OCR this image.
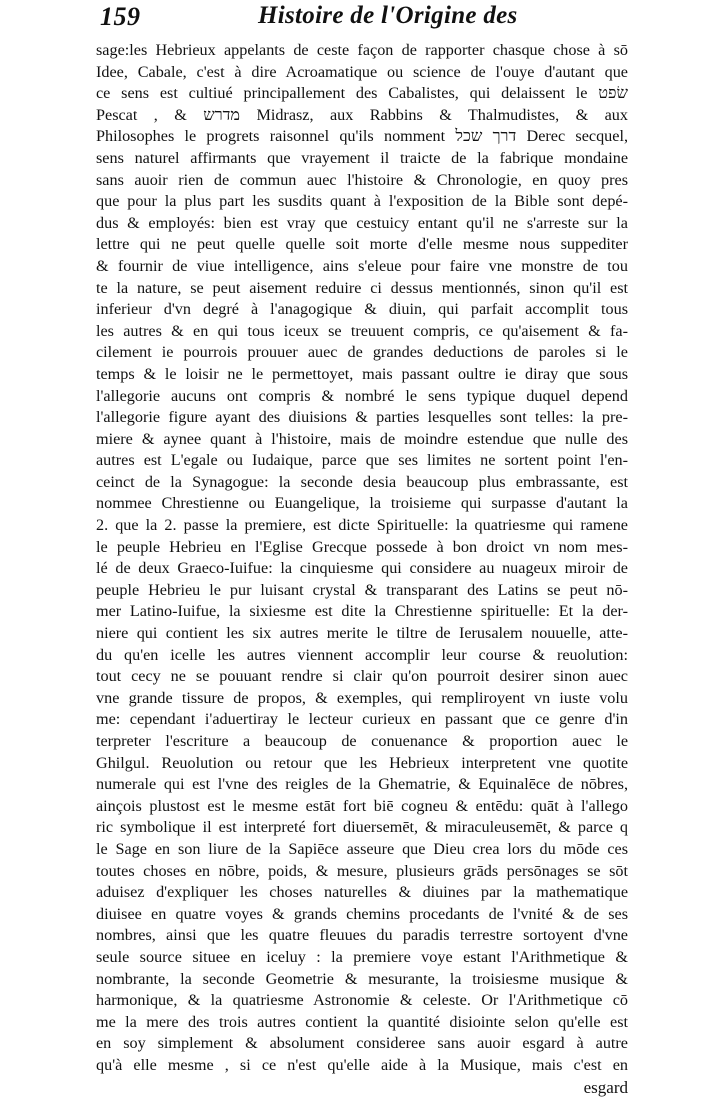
159	Histoire de l'Origine des
sage:les Hebrieux appelants de ceste façon de rapporter chasque chose à sō
Idee, Cabale, c'est à dire Acroamatique ou science de l'ouye d'autant que
ce sens est cultiué principallement des Cabalistes, qui delaissent le שׂפט
Pescat , & מדרש Midrasz, aux Rabbins & Thalmudistes, & aux
Philosophes le progrets raisonnel qu'ils nomment דרך שכל Derec secquel,
sens naturel affirmants que vrayement il traicte de la fabrique mondaine
sans auoir rien de commun auec l'histoire & Chronologie, en quoy pres
que pour la plus part les susdits quant à l'exposition de la Bible sont depé-
dus & employés: bien est vray que cestuicy entant qu'il ne s'arreste sur la
lettre qui ne peut quelle quelle soit morte d'elle mesme nous suppediter
& fournir de viue intelligence, ains s'eleue pour faire vne monstre de tou
te la nature, se peut aisement reduire ci dessus mentionnés, sinon qu'il est
inferieur d'vn degré à l'anagogique & diuin, qui parfait accomplit tous
les autres & en qui tous iceux se treuuent compris, ce qu'aisement & fa-
cilement ie pourrois prouuer auec de grandes deductions de paroles si le
temps & le loisir ne le permettoyet, mais passant oultre ie diray que sous
l'allegorie aucuns ont compris & nombré le sens typique duquel depend
l'allegorie figure ayant des diuisions & parties lesquelles sont telles: la pre-
miere & aynee quant à l'histoire, mais de moindre estendue que nulle des
autres est L'egale ou Iudaique, parce que ses limites ne sortent point l'en-
ceinct de la Synagogue: la seconde desia beaucoup plus embrassante, est
nommee Chrestienne ou Euangelique, la troisieme qui surpasse d'autant la
2. que la 2. passe la premiere, est dicte Spirituelle: la quatriesme qui ramene
le peuple Hebrieu en l'Eglise Grecque possede à bon droict vn nom mes-
lé de deux Graeco-Iuifue: la cinquiesme qui considere au nuageux miroir de
peuple Hebrieu le pur luisant crystal & transparant des Latins se peut nō-
mer Latino-Iuifue, la sixiesme est dite la Chrestienne spirituelle: Et la der-
niere qui contient les six autres merite le tiltre de Ierusalem nouuelle, atte-
du qu'en icelle les autres viennent accomplir leur course & reuolution:
tout cecy ne se pouuant rendre si clair qu'on pourroit desirer sinon auec
vne grande tissure de propos, & exemples, qui rempliroyent vn iuste volu
me: cependant i'aduertiray le lecteur curieux en passant que ce genre d'in
terpreter l'escriture a beaucoup de conuenance & proportion auec le
Ghilgul. Reuolution ou retour que les Hebrieux interpretent vne quotite
numerale qui est l'vne des reigles de la Ghematrie, & Equinalēce de nōbres,
ainçois plustost est le mesme estāt fort biē cogneu & entēdu: quāt à l'allego
ric symbolique il est interpreté fort diuersemēt, & miraculeusemēt, & parce q
le Sage en son liure de la Sapiēce asseure que Dieu crea lors du mōde ces
toutes choses en nōbre, poids, & mesure, plusieurs grāds persōnages se sōt
aduisez d'expliquer les choses naturelles & diuines par la mathematique
diuisee en quatre voyes & grands chemins procedants de l'vnité & de ses
nombres, ainsi que les quatre fleuues du paradis terrestre sortoyent d'vne
seule source situee en iceluy : la premiere voye estant l'Arithmetique &
nombrante, la seconde Geometrie & mesurante, la troisiesme musique &
harmonique, & la quatriesme Astronomie & celeste. Or l'Arithmetique cō
me la mere des trois autres contient la quantité disiointe selon qu'elle est
en soy simplement & absolument consideree sans auoir esgard à autre
qu'à elle mesme , si ce n'est qu'elle aide à la Musique, mais c'est en
esgard
